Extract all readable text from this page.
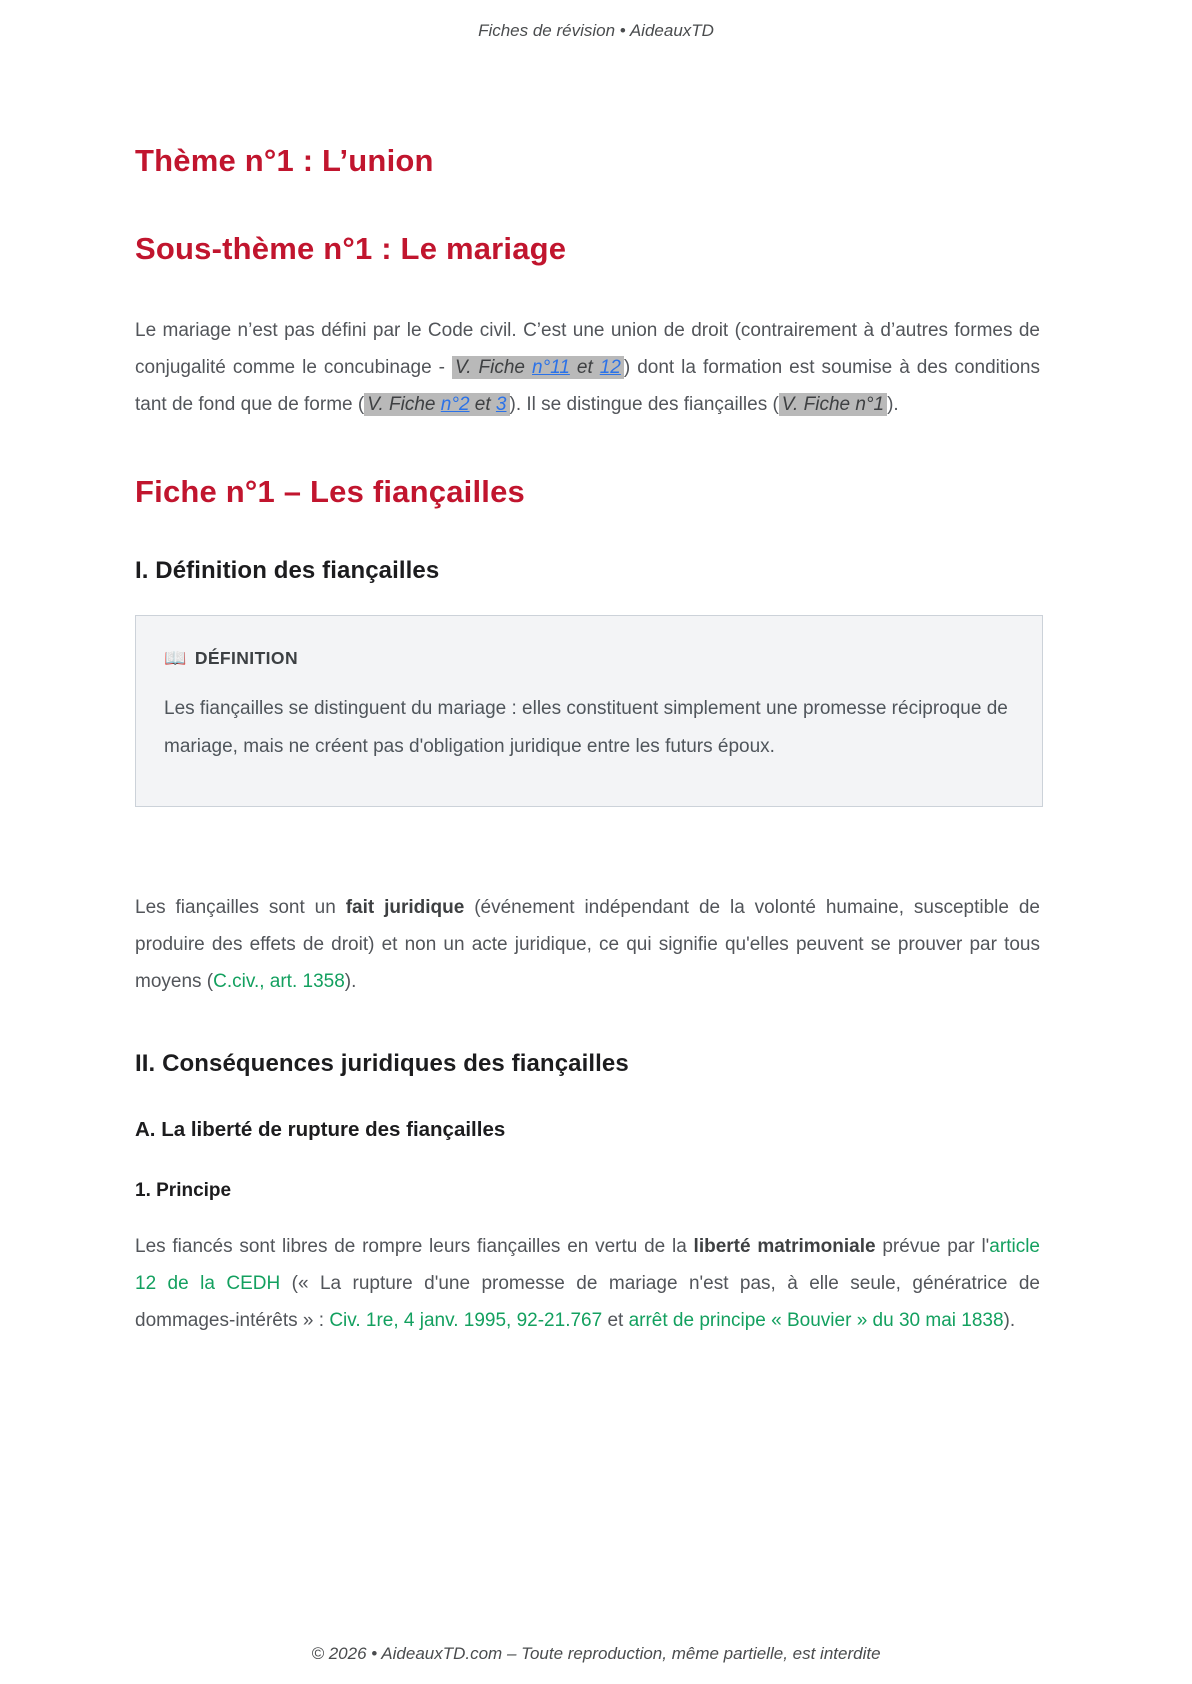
Fiches de révision • AideauxTD
Thème n°1 : L’union
Sous-thème n°1 : Le mariage

Le mariage n’est pas défini par le Code civil. C’est une union de droit (contrairement à d’autres formes de conjugalité comme le concubinage - V. Fiche n°11 et 12 ) dont la formation est soumise à des conditions tant de fond que de forme ( V. Fiche n°2 et 3 ). Il se distingue des fiançailles ( V. Fiche n°1 ).

Fiche n°1 – Les fiançailles
I. Définition des fiançailles
📖 DÉFINITION

Les fiançailles se distinguent du mariage : elles constituent simplement une promesse réciproque de mariage, mais ne créent pas d'obligation juridique entre les futurs époux.

Les fiançailles sont un fait juridique (événement indépendant de la volonté humaine, susceptible de produire des effets de droit) et non un acte juridique, ce qui signifie qu'elles peuvent se prouver par tous moyens (C.civ., art. 1358).

II. Conséquences juridiques des fiançailles
A. La liberté de rupture des fiançailles
1. Principe

Les fiancés sont libres de rompre leurs fiançailles en vertu de la liberté matrimoniale prévue par l'article 12 de la CEDH (« La rupture d'une promesse de mariage n'est pas, à elle seule, génératrice de dommages-intérêts » : Civ. 1re, 4 janv. 1995, 92-21.767 et arrêt de principe « Bouvier » du 30 mai 1838).

© 2026 • AideauxTD.com – Toute reproduction, même partielle, est interdite
